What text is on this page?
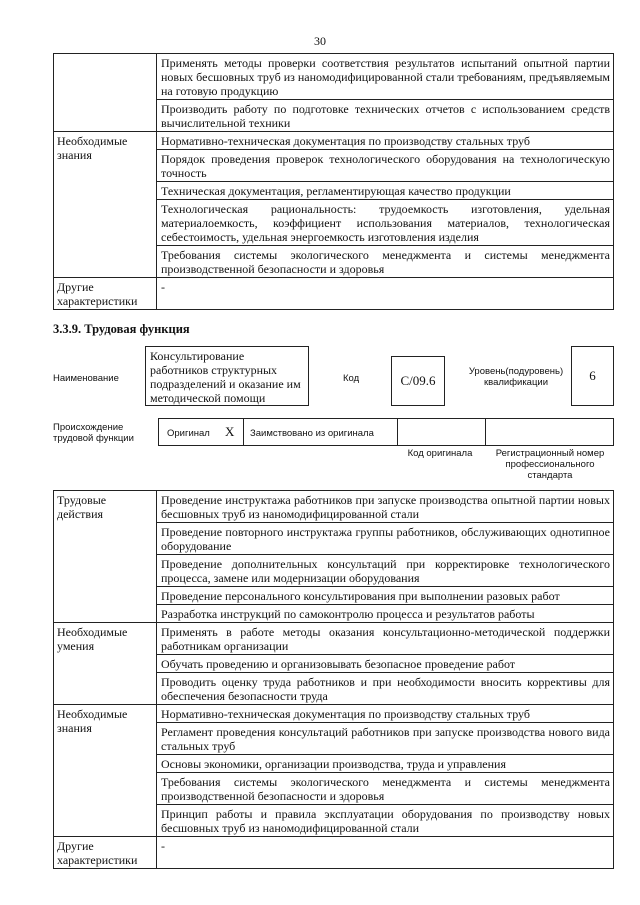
30
	Применять методы проверки соответствия результатов испытаний опытной партии новых бесшовных труб из наномодифицированной стали требованиям, предъявляемым на готовую продукцию
	Производить работу по подготовке технических отчетов с использованием средств вычислительной техники
Необходимые знания	Нормативно-техническая документация по производству стальных труб
	Порядок проведения проверок технологического оборудования на технологическую точность
	Техническая документация, регламентирующая качество продукции
	Технологическая рациональность: трудоемкость изготовления, удельная материалоемкость, коэффициент использования материалов, технологическая себестоимость, удельная энергоемкость изготовления изделия
	Требования системы экологического менеджмента и системы менеджмента производственной безопасности и здоровья
Другие характеристики	-
3.3.9. Трудовая функция
Наименование
Консультирование работников структурных подразделений и оказание им методической помощи
Код	C/09.6
Уровень(подуровень) квалификации	6
Происхождение трудовой функции	Оригинал X Заимствовано из оригинала
Код оригинала	Регистрационный номер профессионального стандарта
Трудовые действия	Проведение инструктажа работников при запуске производства опытной партии новых бесшовных труб из наномодифицированной стали
	Проведение повторного инструктажа группы работников, обслуживающих однотипное оборудование
	Проведение дополнительных консультаций при корректировке технологического процесса, замене или модернизации оборудования
	Проведение персонального консультирования при выполнении разовых работ
	Разработка инструкций по самоконтролю процесса и результатов работы
Необходимые умения	Применять в работе методы оказания консультационно-методической поддержки работникам организации
	Обучать проведению и организовывать безопасное проведение работ
	Проводить оценку труда работников и при необходимости вносить коррективы для обеспечения безопасности труда
Необходимые знания	Нормативно-техническая документация по производству стальных труб
	Регламент проведения консультаций работников при запуске производства нового вида стальных труб
	Основы экономики, организации производства, труда и управления
	Требования системы экологического менеджмента и системы менеджмента производственной безопасности и здоровья
	Принцип работы и правила эксплуатации оборудования по производству новых бесшовных труб из наномодифицированной стали
Другие характеристики	-
